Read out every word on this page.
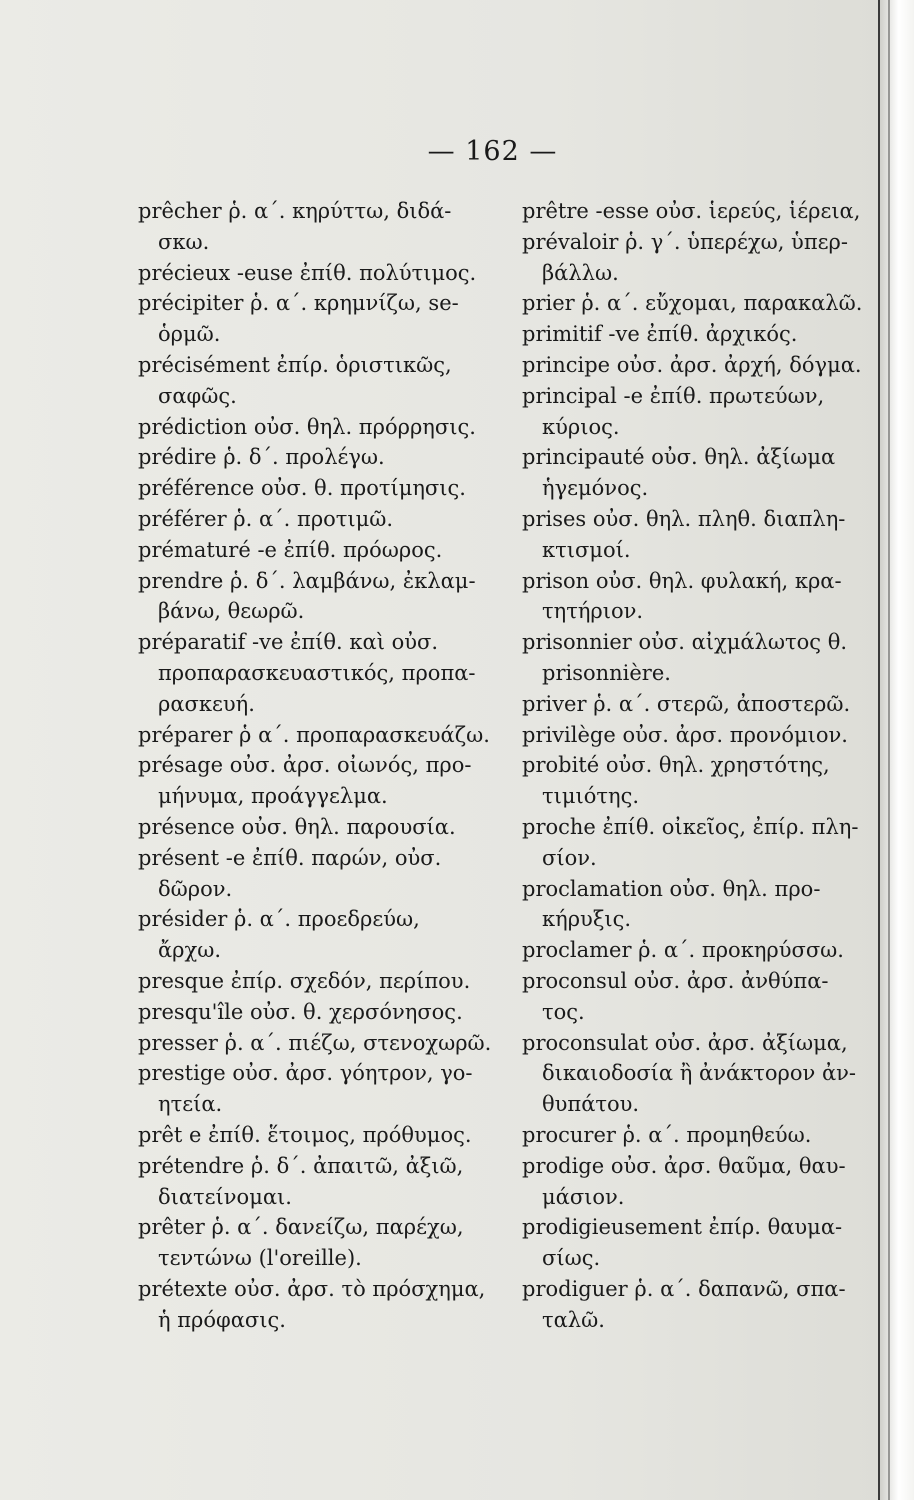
— 162 —
prêcher ῥ. α΄. κηρύττω, διδά-
σκω.
précieux -euse ἐπίθ. πολύτιμος.
précipiter ῥ. α΄. κρημνίζω, se-
ὁρμῶ.
précisément ἐπίρ. ὁριστικῶς,
σαφῶς.
prédiction οὐσ. θηλ. πρόρρησις.
prédire ῥ. δ΄. προλέγω.
préférence οὐσ. θ. προτίμησις.
préférer ῥ. α΄. προτιμῶ.
prématuré -e ἐπίθ. πρόωρος.
prendre ῥ. δ΄. λαμβάνω, ἐκλαμ-
βάνω, θεωρῶ.
préparatif -ve ἐπίθ. καὶ οὐσ.
προπαρασκευαστικός, προπα-
ρασκευή.
préparer ῥ α΄. προπαρασκευάζω.
présage οὐσ. ἀρσ. οἰωνός, προ-
μήνυμα, προάγγελμα.
présence οὐσ. θηλ. παρουσία.
présent -e ἐπίθ. παρών, οὐσ.
δῶρον.
présider ῥ. α΄. προεδρεύω,
ἄρχω.
presque ἐπίρ. σχεδόν, περίπου.
presqu'île οὐσ. θ. χερσόνησος.
presser ῥ. α΄. πιέζω, στενοχωρῶ.
prestige οὐσ. ἀρσ. γόητρον, γο-
ητεία.
prêt e ἐπίθ. ἕτοιμος, πρόθυμος.
prétendre ῥ. δ΄. ἀπαιτῶ, ἀξιῶ,
διατείνομαι.
prêter ῥ. α΄. δανείζω, παρέχω,
τεντώνω (l'oreille).
prétexte οὐσ. ἀρσ. τὸ πρόσχημα,
ἡ πρόφασις.
prêtre -esse οὐσ. ἱερεύς, ἱέρεια,
prévaloir ῥ. γ΄. ὑπερέχω, ὑπερ-
βάλλω.
prier ῥ. α΄. εὔχομαι, παρακαλῶ.
primitif -ve ἐπίθ. ἀρχικός.
principe οὐσ. ἀρσ. ἀρχή, δόγμα.
principal -e ἐπίθ. πρωτεύων,
κύριος.
principauté οὐσ. θηλ. ἀξίωμα
ἡγεμόνος.
prises οὐσ. θηλ. πληθ. διαπλη-
κτισμοί.
prison οὐσ. θηλ. φυλακή, κρα-
τητήριον.
prisonnier οὐσ. αἰχμάλωτος θ.
prisonnière.
priver ῥ. α΄. στερῶ, ἀποστερῶ.
privilège οὐσ. ἀρσ. προνόμιον.
probité οὐσ. θηλ. χρηστότης,
τιμιότης.
proche ἐπίθ. οἰκεῖος, ἐπίρ. πλη-
σίον.
proclamation οὐσ. θηλ. προ-
κήρυξις.
proclamer ῥ. α΄. προκηρύσσω.
proconsul οὐσ. ἀρσ. ἀνθύπα-
τος.
proconsulat οὐσ. ἀρσ. ἀξίωμα,
δικαιοδοσία ἢ ἀνάκτορον ἀν-
θυπάτου.
procurer ῥ. α΄. προμηθεύω.
prodige οὐσ. ἀρσ. θαῦμα, θαυ-
μάσιον.
prodigieusement ἐπίρ. θαυμα-
σίως.
prodiguer ῥ. α΄. δαπανῶ, σπα-
ταλῶ.
